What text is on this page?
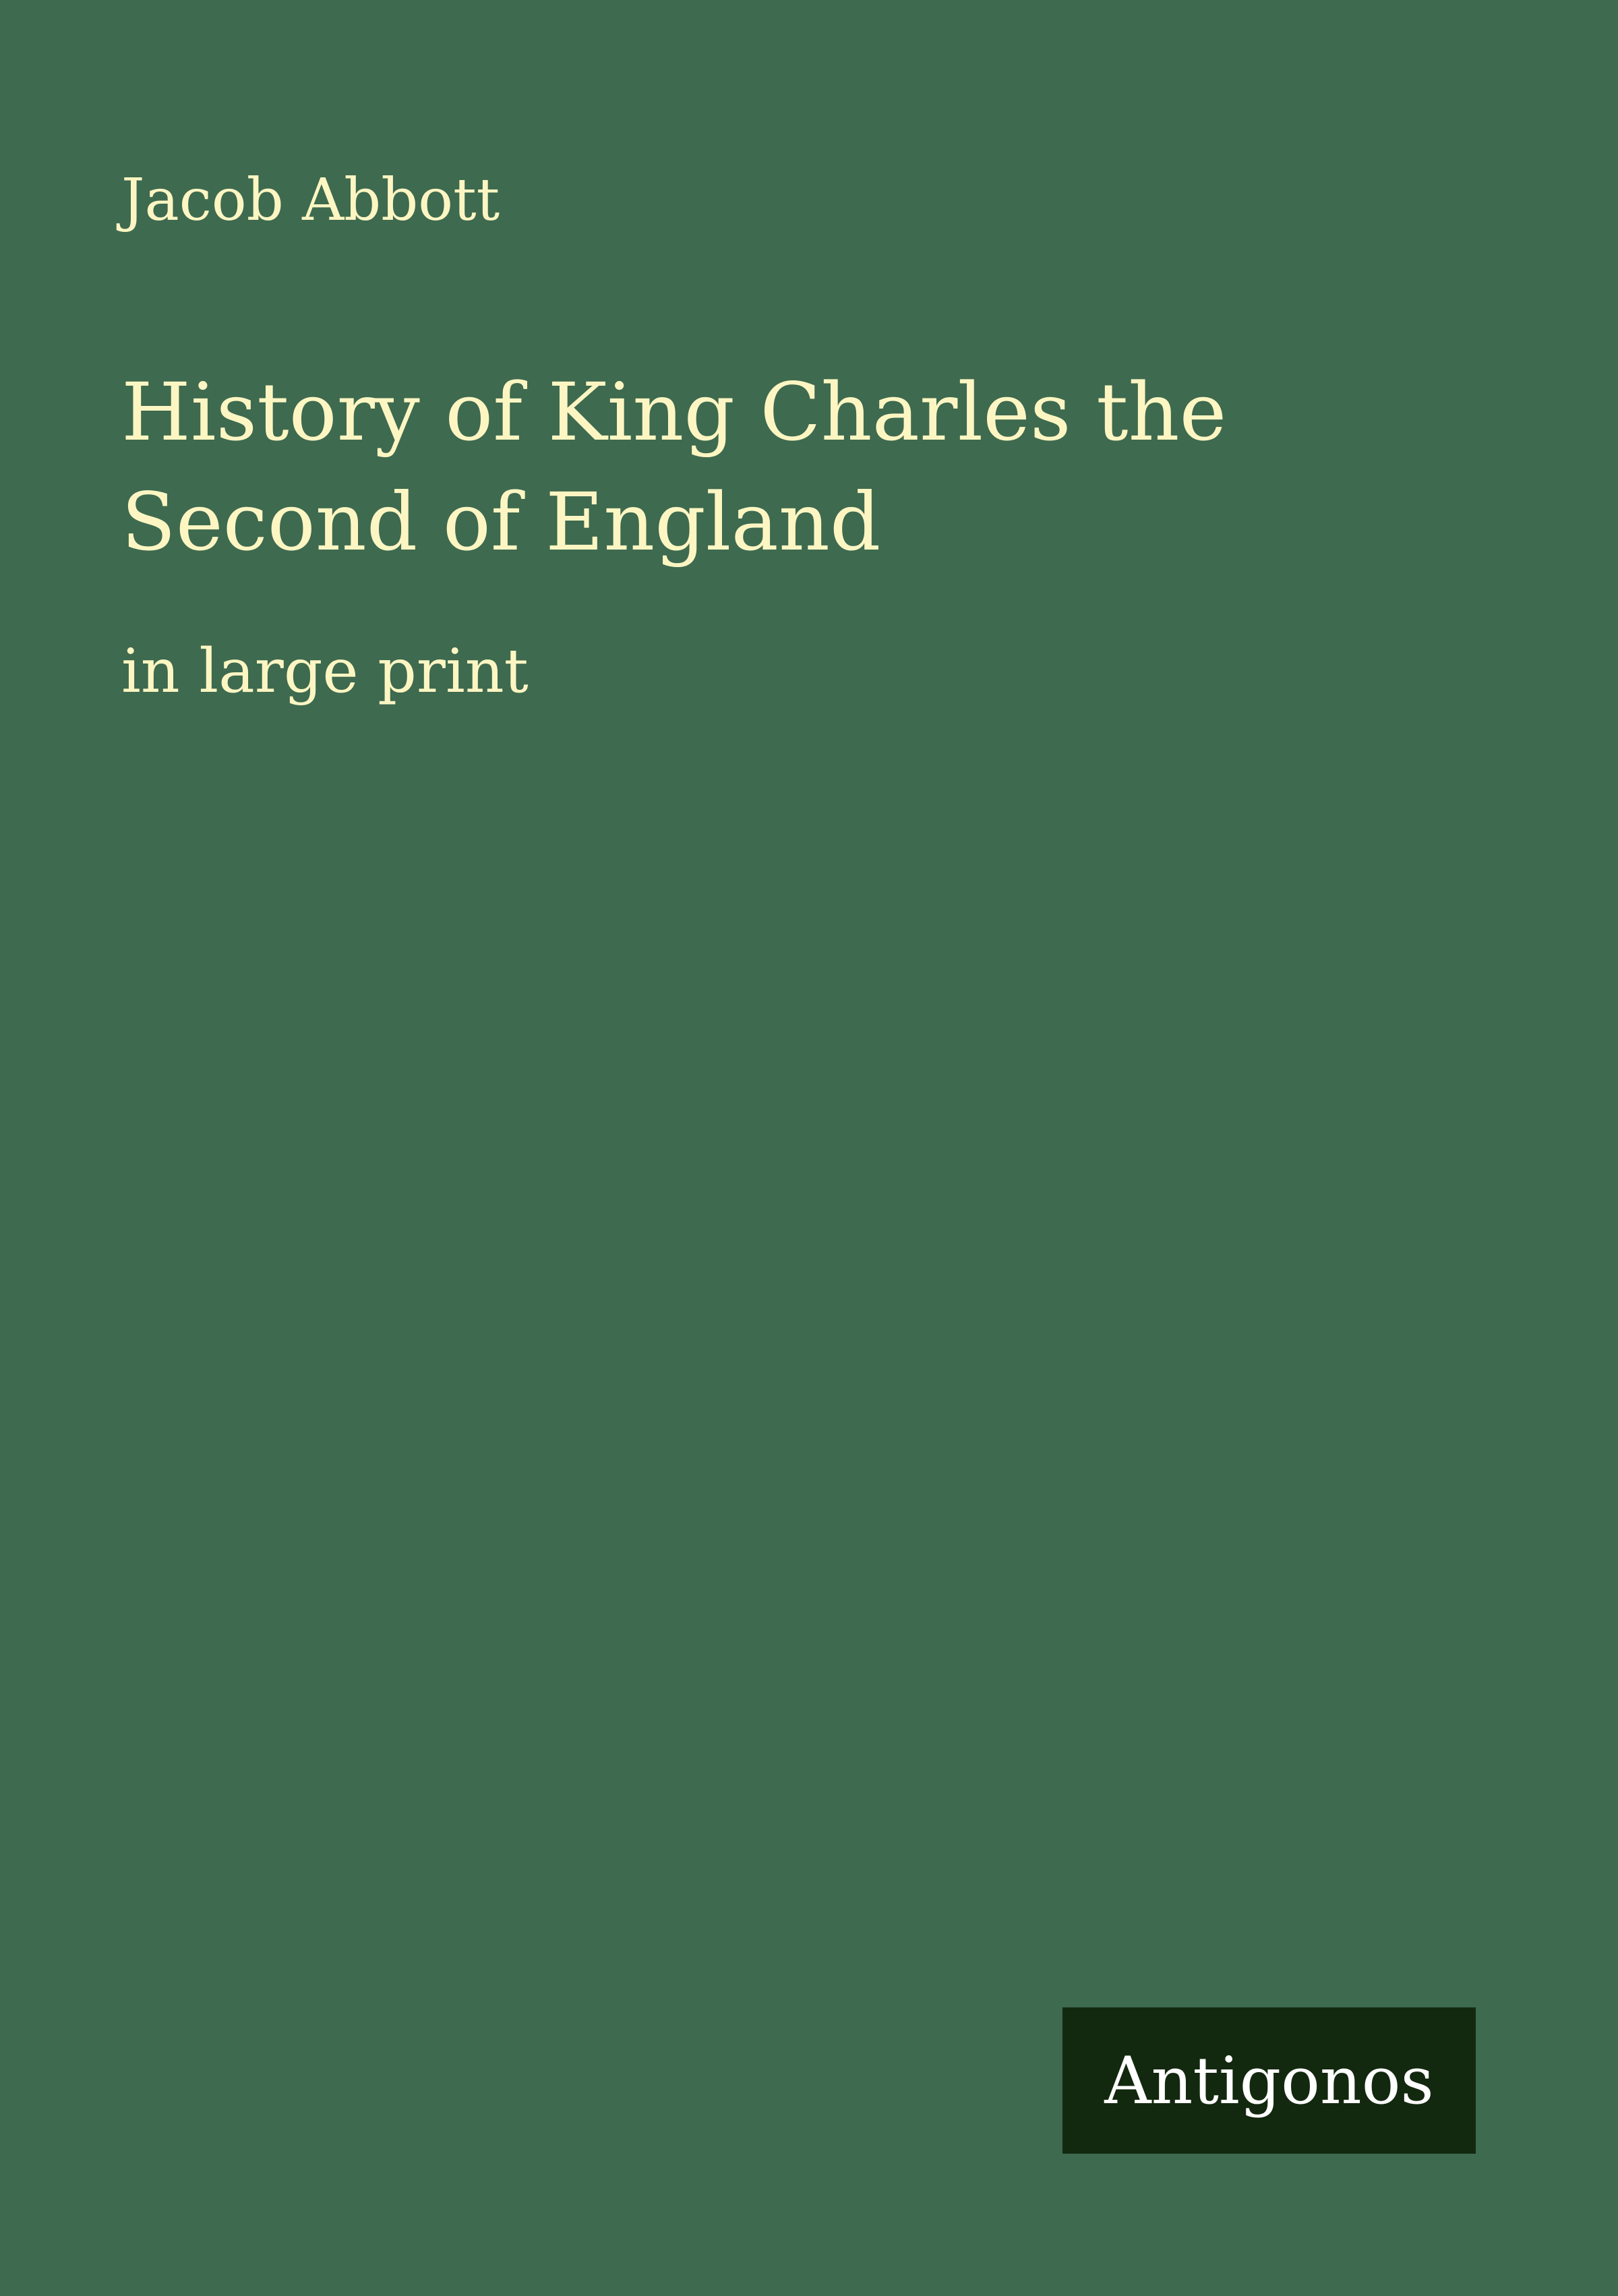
Jacob Abbott

History of King Charles the Second of England

in large print

Antigonos
